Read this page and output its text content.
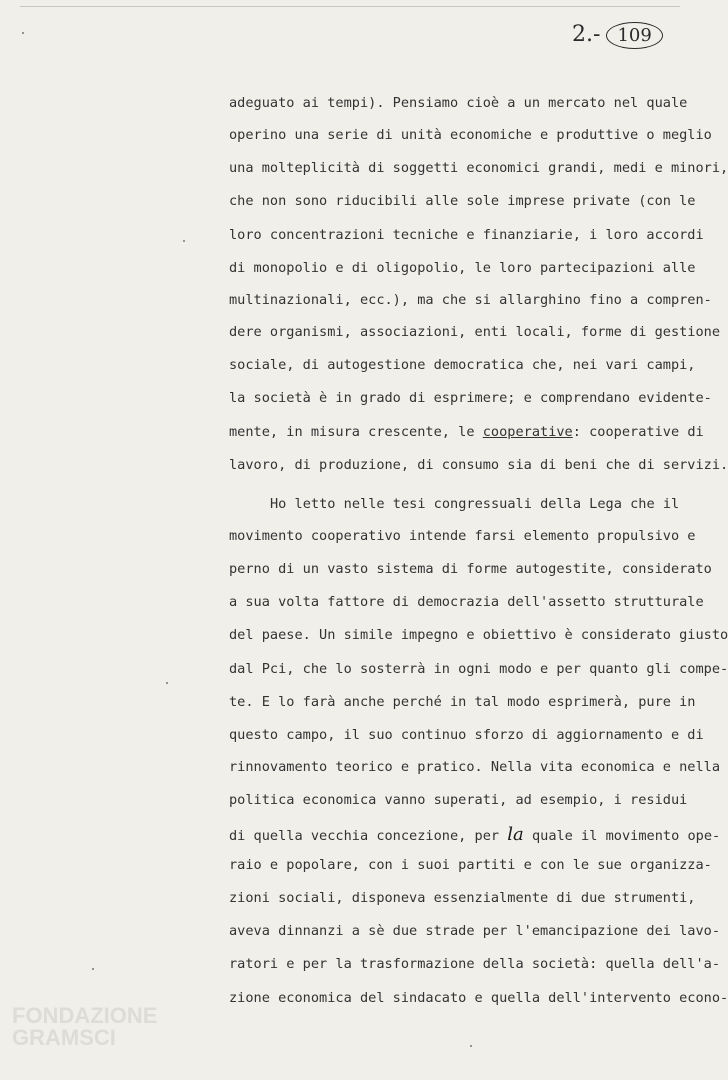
2.- 109
adeguato ai tempi). Pensiamo cioè a un mercato nel quale
operino una serie di unità economiche e produttive o meglio
una molteplicità di soggetti economici grandi, medi e minori,
che non sono riducibili alle sole imprese private (con le
loro concentrazioni tecniche e finanziarie, i loro accordi
di monopolio e di oligopolio, le loro partecipazioni alle
multinazionali, ecc.), ma che si allarghino fino a compren-
dere organismi, associazioni, enti locali, forme di gestione
sociale, di autogestione democratica che, nei vari campi,
la società è in grado di esprimere; e comprendano evidente-
mente, in misura crescente, le cooperative: cooperative di
lavoro, di produzione, di consumo sia di beni che di servizi.
Ho letto nelle tesi congressuali della Lega che il
movimento cooperativo intende farsi elemento propulsivo e
perno di un vasto sistema di forme autogestite, considerato
a sua volta fattore di democrazia dell'assetto strutturale
del paese. Un simile impegno e obiettivo è considerato giusto
dal Pci, che lo sosterrà in ogni modo e per quanto gli compe-
te. E lo farà anche perché in tal modo esprimerà, pure in
questo campo, il suo continuo sforzo di aggiornamento e di
rinnovamento teorico e pratico. Nella vita economica e nella
politica economica vanno superati, ad esempio, i residui
di quella vecchia concezione, per la quale il movimento ope-
raio e popolare, con i suoi partiti e con le sue organizza-
zioni sociali, disponeva essenzialmente di due strumenti,
aveva dinnanzi a sè due strade per l'emancipazione dei lavo-
ratori e per la trasformazione della società: quella dell'a-
zione economica del sindacato e quella dell'intervento econo-
FONDAZIONE
GRAMSCI
